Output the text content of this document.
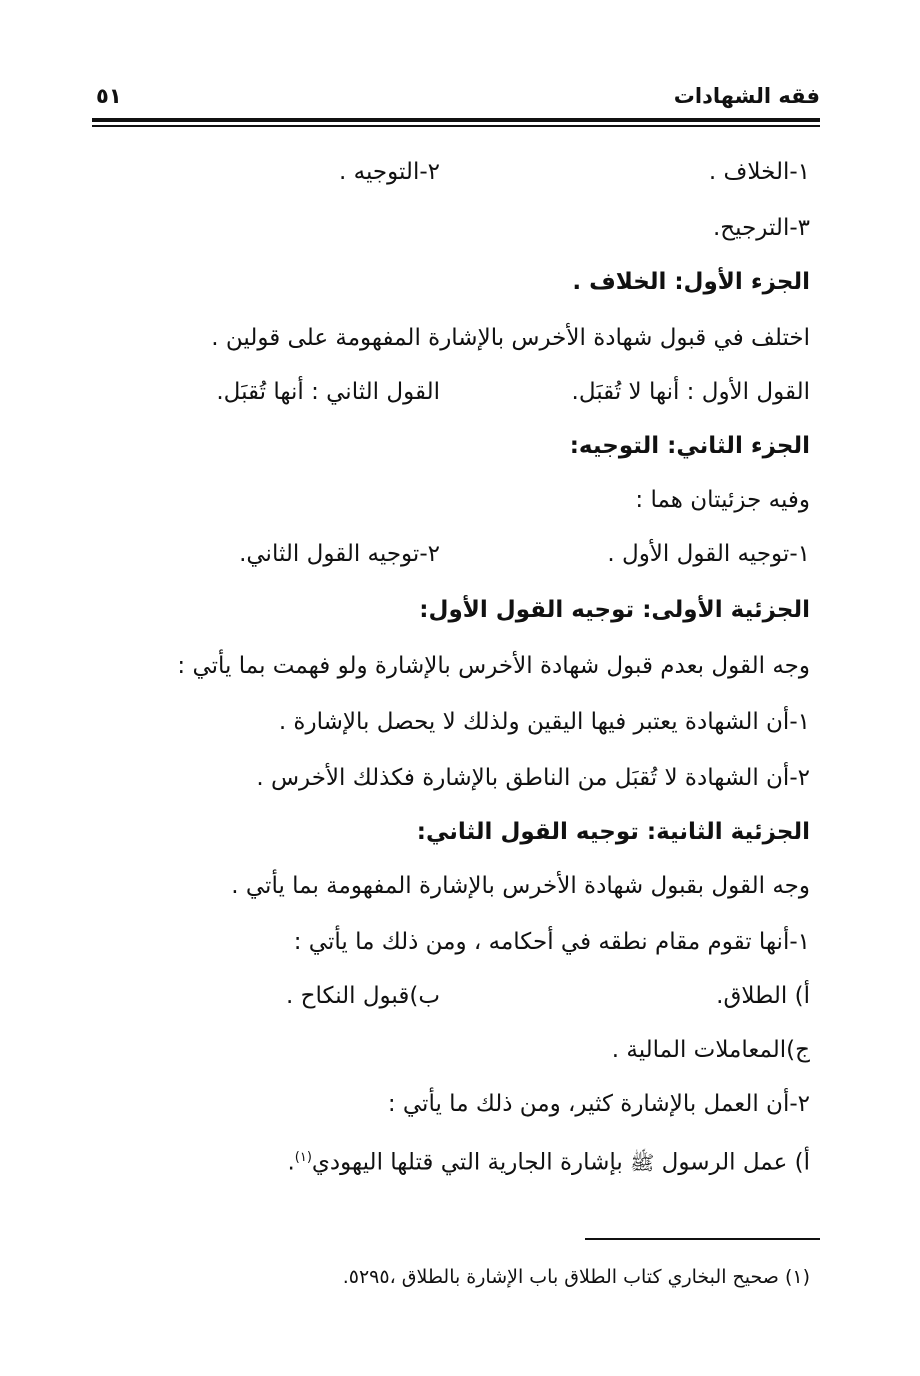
فقه الشهادات
٥١
١-الخلاف .
٢-التوجيه .
٣-الترجيح.
الجزء الأول: الخلاف .
اختلف في قبول شهادة الأخرس بالإشارة المفهومة على قولين .
القول الأول : أنها لا تُقبَل.
القول الثاني : أنها تُقبَل.
الجزء الثاني: التوجيه:
وفيه جزئيتان هما :
١-توجيه القول الأول .
٢-توجيه القول الثاني.
الجزئية الأولى: توجيه القول الأول:
وجه القول بعدم قبول شهادة الأخرس بالإشارة ولو فهمت بما يأتي :
١-أن الشهادة يعتبر فيها اليقين ولذلك لا يحصل بالإشارة .
٢-أن الشهادة لا تُقبَل من الناطق بالإشارة فكذلك الأخرس .
الجزئية الثانية: توجيه القول الثاني:
وجه القول بقبول شهادة الأخرس بالإشارة المفهومة بما يأتي .
١-أنها تقوم مقام نطقه في أحكامه ، ومن ذلك ما يأتي :
أ) الطلاق.
ب)قبول النكاح .
ج)المعاملات المالية .
٢-أن العمل بالإشارة كثير، ومن ذلك ما يأتي :
أ) عمل الرسول ﷺ بإشارة الجارية التي قتلها اليهودي$^{(١)}$.
(١) صحيح البخاري كتاب الطلاق باب الإشارة بالطلاق ،٥٢٩٥.
